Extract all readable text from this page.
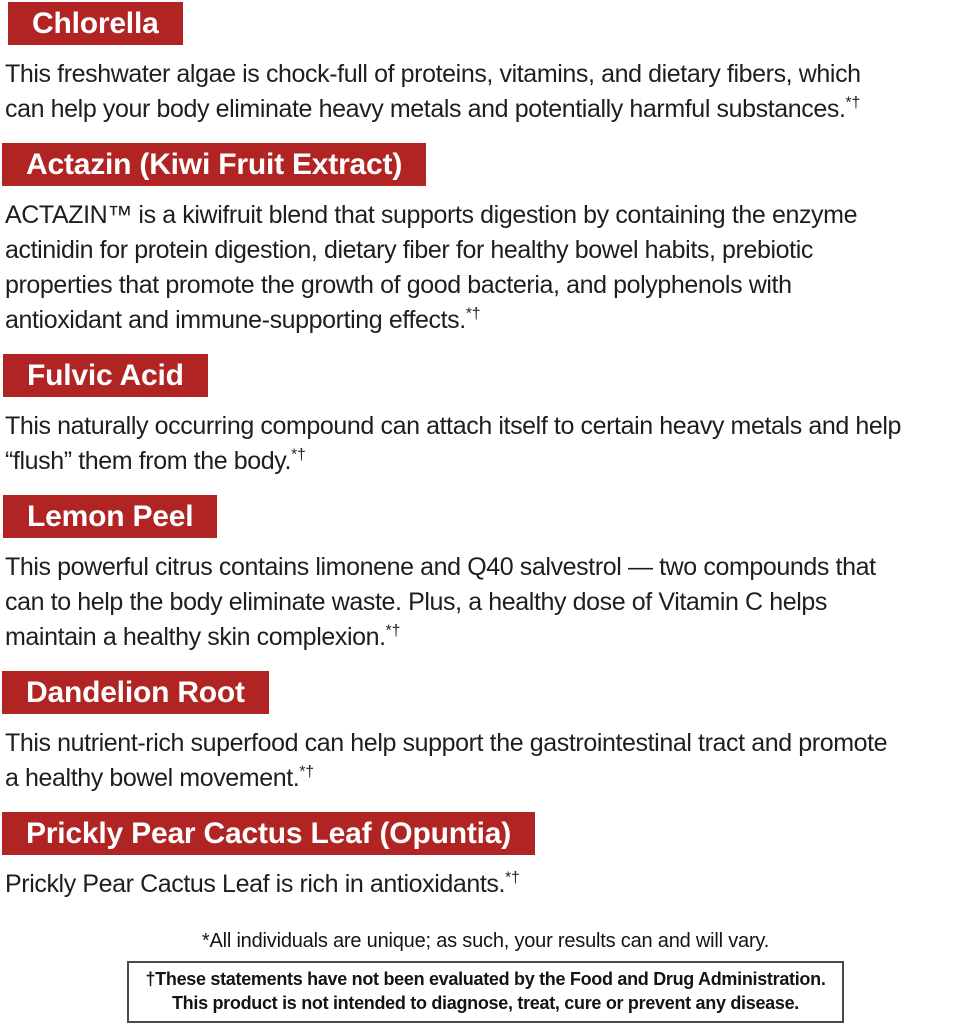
Chlorella
This freshwater algae is chock-full of proteins, vitamins, and dietary fibers, which
can help your body eliminate heavy metals and potentially harmful substances.*†
Actazin (Kiwi Fruit Extract)
ACTAZIN™ is a kiwifruit blend that supports digestion by containing the enzyme
actinidin for protein digestion, dietary fiber for healthy bowel habits, prebiotic
properties that promote the growth of good bacteria, and polyphenols with
antioxidant and immune-supporting effects.*†
Fulvic Acid
This naturally occurring compound can attach itself to certain heavy metals and help
“flush” them from the body.*†
Lemon Peel
This powerful citrus contains limonene and Q40 salvestrol — two compounds that
can to help the body eliminate waste. Plus, a healthy dose of Vitamin C helps
maintain a healthy skin complexion.*†
Dandelion Root
This nutrient-rich superfood can help support the gastrointestinal tract and promote
a healthy bowel movement.*†
Prickly Pear Cactus Leaf (Opuntia)
Prickly Pear Cactus Leaf is rich in antioxidants.*†
*All individuals are unique; as such, your results can and will vary.
†These statements have not been evaluated by the Food and Drug Administration.
This product is not intended to diagnose, treat, cure or prevent any disease.
